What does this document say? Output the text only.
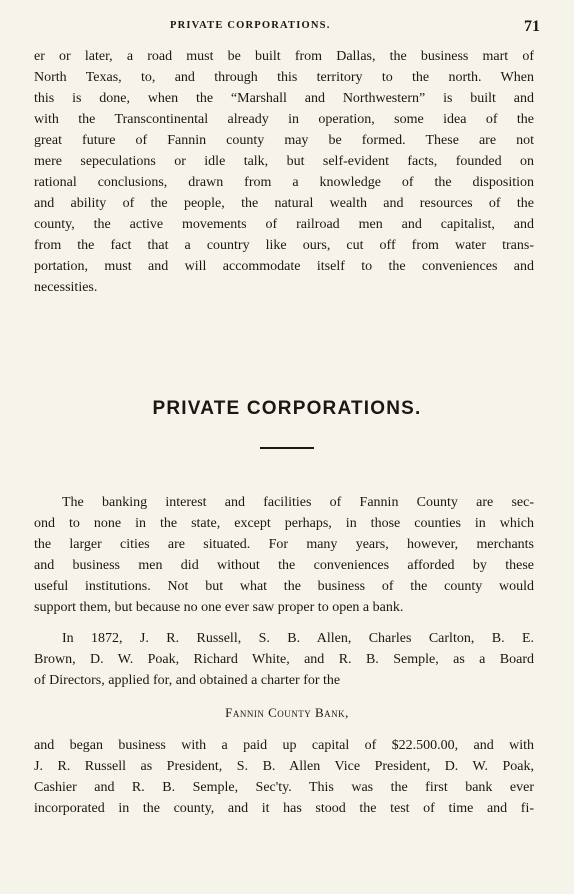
PRIVATE CORPORATIONS.	71
er or later, a road must be built from Dallas, the business mart of
North Texas, to, and through this territory to the north. When
this is done, when the “Marshall and Northwestern” is built and
with the Transcontinental already in operation, some idea of the
great future of Fannin county may be formed. These are not
mere sepeculations or idle talk, but self-evident facts, founded on
rational conclusions, drawn from a knowledge of the disposition
and ability of the people, the natural wealth and resources of the
county, the active movements of railroad men and capitalist, and
from the fact that a country like ours, cut off from water trans-
portation, must and will accommodate itself to the conveniences and
necessities.
PRIVATE CORPORATIONS.
The banking interest and facilities of Fannin County are sec-
ond to none in the state, except perhaps, in those counties in which
the larger cities are situated. For many years, however, merchants
and business men did without the conveniences afforded by these
useful institutions. Not but what the business of the county would
support them, but because no one ever saw proper to open a bank.
In 1872, J. R. Russell, S. B. Allen, Charles Carlton, B. E.
Brown, D. W. Poak, Richard White, and R. B. Semple, as a Board
of Directors, applied for, and obtained a charter for the
Fannin County Bank,
and began business with a paid up capital of $22.500.00, and with
J. R. Russell as President, S. B. Allen Vice President, D. W. Poak,
Cashier and R. B. Semple, Sec'ty. This was the first bank ever
incorporated in the county, and it has stood the test of time and fi-
